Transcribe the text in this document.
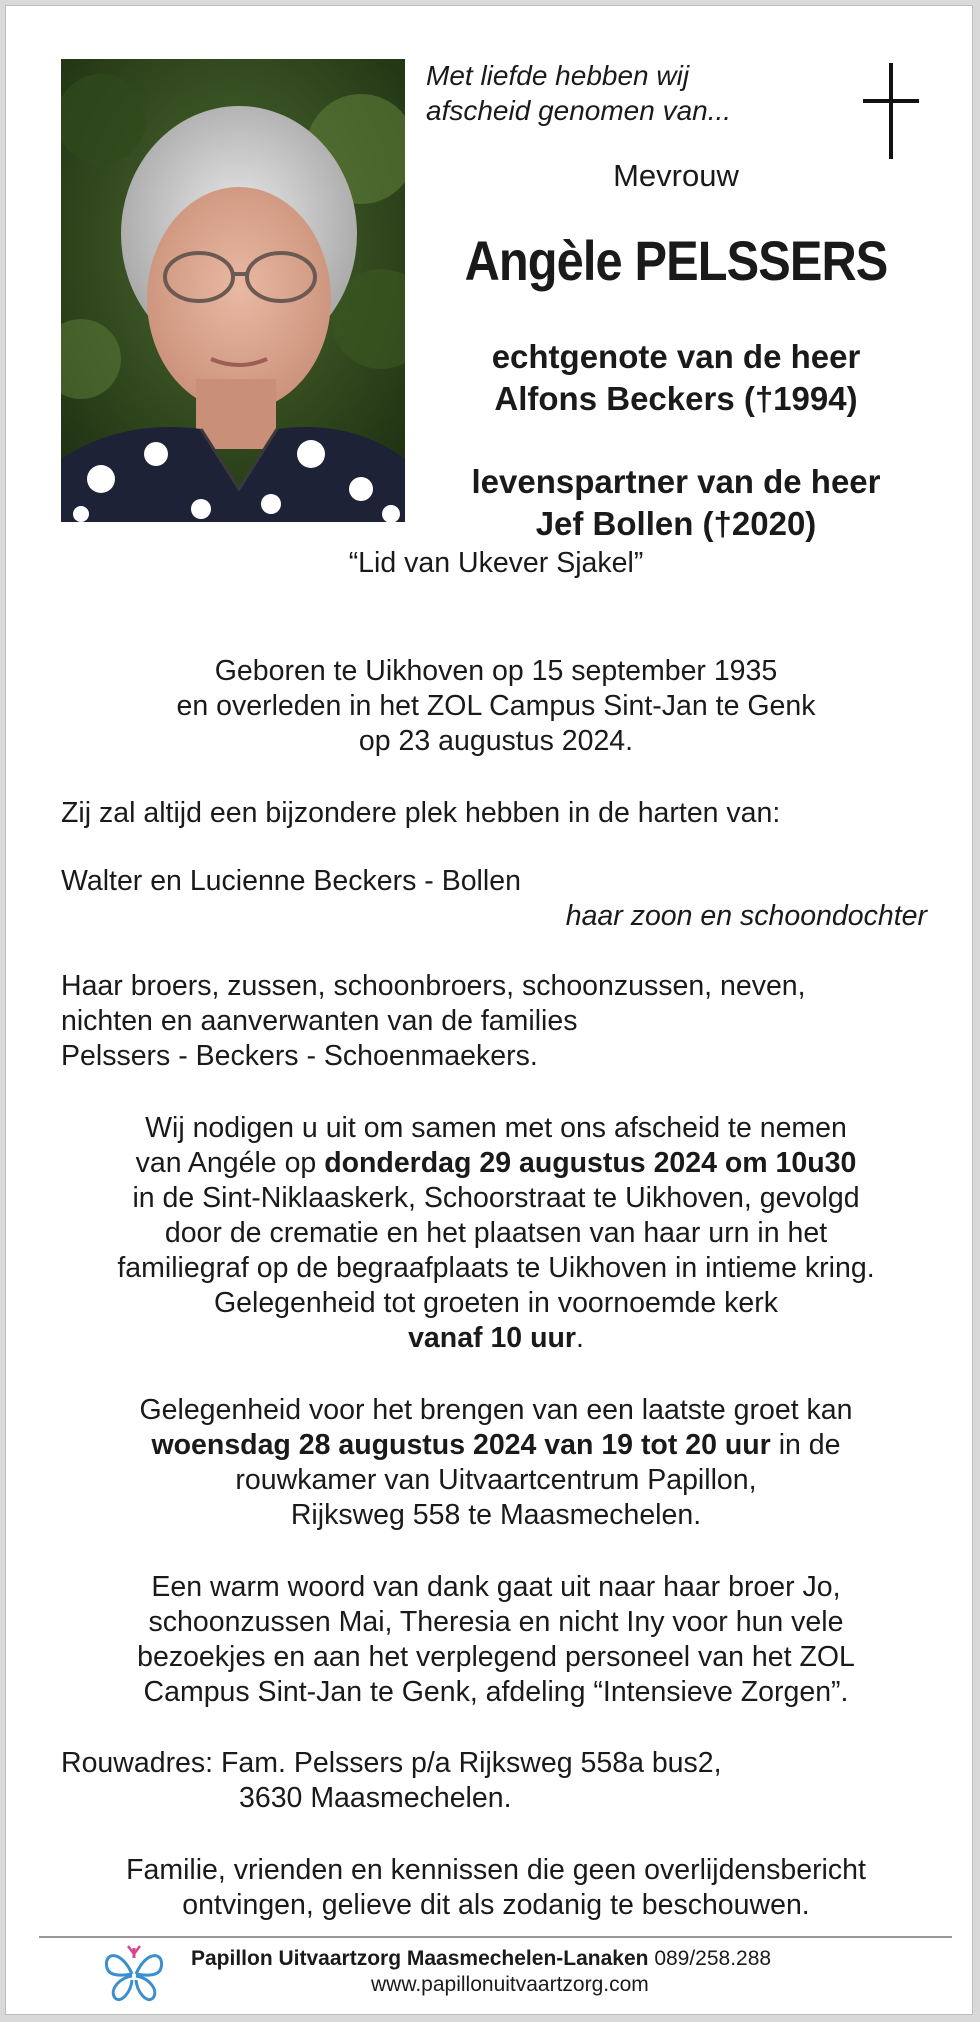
Met liefde hebben wij
afscheid genomen van...
Mevrouw
Angèle PELSSERS
echtgenote van de heer
Alfons Beckers (†1994)
levenspartner van de heer
Jef Bollen (†2020)
“Lid van Ukever Sjakel”
Geboren te Uikhoven op 15 september 1935
en overleden in het ZOL Campus Sint-Jan te Genk
op 23 augustus 2024.
Zij zal altijd een bijzondere plek hebben in de harten van:
Walter en Lucienne Beckers - Bollen
haar zoon en schoondochter
Haar broers, zussen, schoonbroers, schoonzussen, neven,
nichten en aanverwanten van de families
Pelssers - Beckers - Schoenmaekers.
Wij nodigen u uit om samen met ons afscheid te nemen
van Angéle op donderdag 29 augustus 2024 om 10u30
in de Sint-Niklaaskerk, Schoorstraat te Uikhoven, gevolgd
door de crematie en het plaatsen van haar urn in het
familiegraf op de begraafplaats te Uikhoven in intieme kring.
Gelegenheid tot groeten in voornoemde kerk
vanaf 10 uur.
Gelegenheid voor het brengen van een laatste groet kan
woensdag 28 augustus 2024 van 19 tot 20 uur in de
rouwkamer van Uitvaartcentrum Papillon,
Rijksweg 558 te Maasmechelen.
Een warm woord van dank gaat uit naar haar broer Jo,
schoonzussen Mai, Theresia en nicht Iny voor hun vele
bezoekjes en aan het verplegend personeel van het ZOL
Campus Sint-Jan te Genk, afdeling “Intensieve Zorgen”.
Rouwadres: Fam. Pelssers p/a Rijksweg 558a bus2,
3630 Maasmechelen.
Familie, vrienden en kennissen die geen overlijdensbericht
ontvingen, gelieve dit als zodanig te beschouwen.
Papillon Uitvaartzorg Maasmechelen-Lanaken 089/258.288
www.papillonuitvaartzorg.com
